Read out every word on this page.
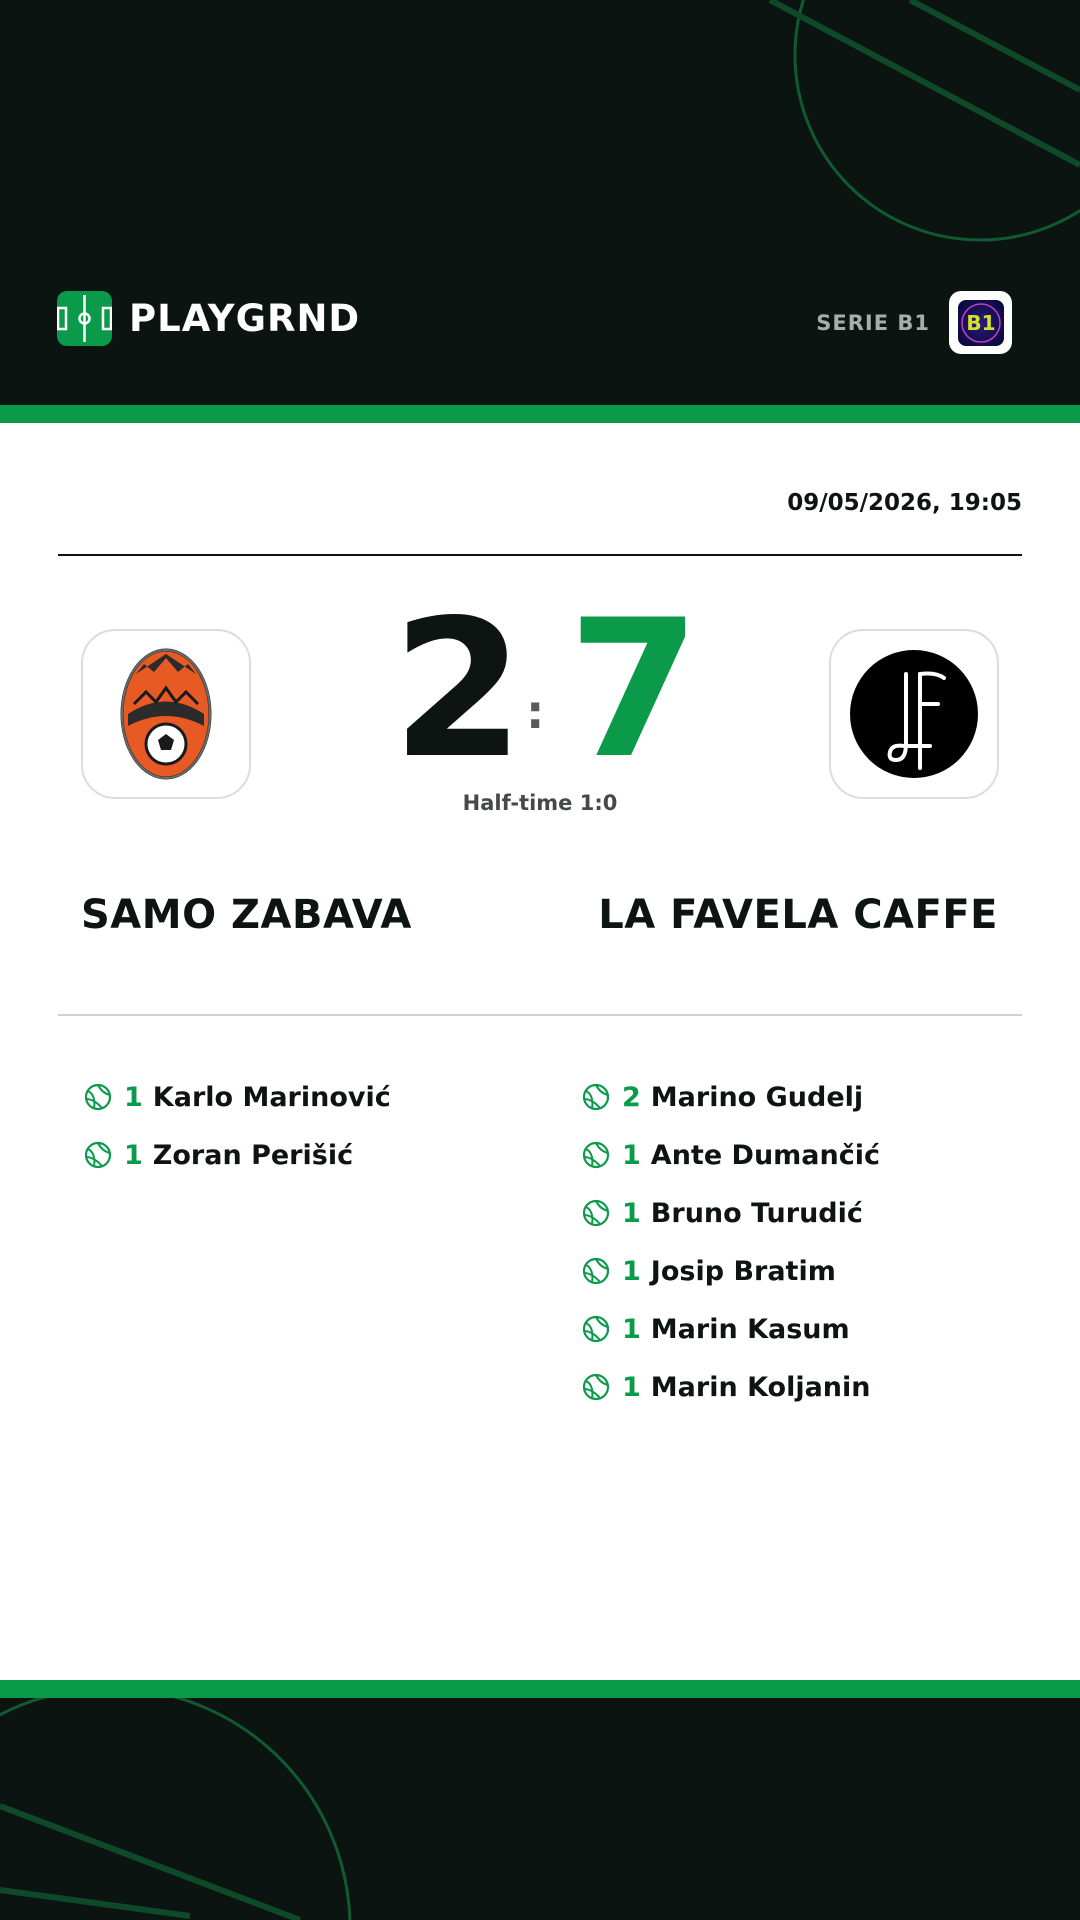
PLAYGRND	SERIE B1 B1
09/05/2026, 19:05
2 : 7
Half-time 1:0
SAMO ZABAVA	LA FAVELA CAFFE
1 Karlo Marinović
1 Zoran Perišić
2 Marino Gudelj
1 Ante Dumančić
1 Bruno Turudić
1 Josip Bratim
1 Marin Kasum
1 Marin Koljanin
